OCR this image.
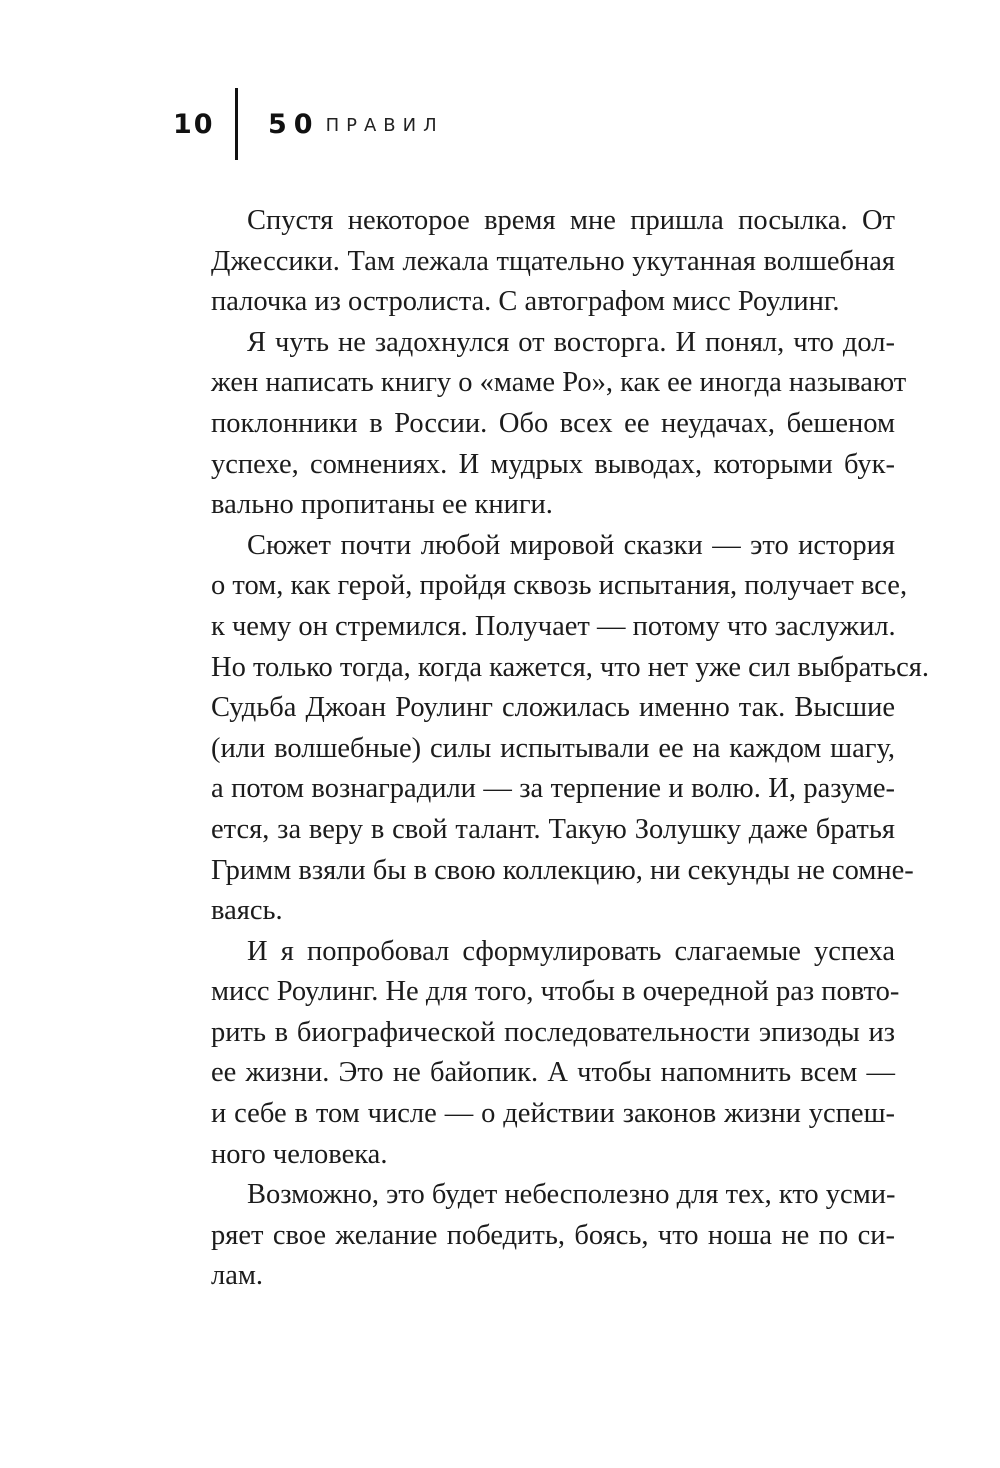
10	50 ПРАВИЛ

Спустя некоторое время мне пришла посылка. От
Джессики. Там лежала тщательно укутанная волшебная
палочка из остролиста. С автографом мисс Роулинг.

Я чуть не задохнулся от восторга. И понял, что дол-
жен написать книгу о «маме Ро», как ее иногда называют
поклонники в России. Обо всех ее неудачах, бешеном
успехе, сомнениях. И мудрых выводах, которыми бук-
вально пропитаны ее книги.

Сюжет почти любой мировой сказки — это история
о том, как герой, пройдя сквозь испытания, получает все,
к чему он стремился. Получает — потому что заслужил.
Но только тогда, когда кажется, что нет уже сил выбраться.
Судьба Джоан Роулинг сложилась именно так. Высшие
(или волшебные) силы испытывали ее на каждом шагу,
а потом вознаградили — за терпение и волю. И, разуме-
ется, за веру в свой талант. Такую Золушку даже братья
Гримм взяли бы в свою коллекцию, ни секунды не сомне-
ваясь.

И я попробовал сформулировать слагаемые успеха
мисс Роулинг. Не для того, чтобы в очередной раз повто-
рить в биографической последовательности эпизоды из
ее жизни. Это не байопик. А чтобы напомнить всем —
и себе в том числе — о действии законов жизни успеш-
ного человека.

Возможно, это будет небесполезно для тех, кто усми-
ряет свое желание победить, боясь, что ноша не по си-
лам.
